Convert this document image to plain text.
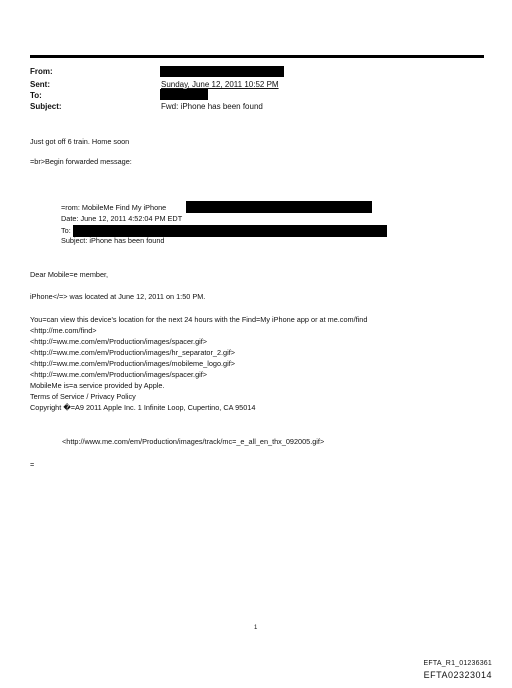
From:
Sent:	Sunday, June 12, 2011 10:52 PM
To:
Subject:	Fwd: iPhone has been found
Just got off 6 train. Home soon
=br>Begin forwarded message:
=rom: MobileMe Find My iPhone
Date: June 12, 2011 4:52:04 PM EDT
To:
Subject: iPhone has been found
Dear Mobile=e member,
iPhone</=> was located at June 12, 2011 on 1:50 PM.
You=can view this device's location for the next 24 hours with the Find=My iPhone app or at me.com/find
<http://me.com/find>
<http://=ww.me.com/em/Production/images/spacer.gif>
<http://=ww.me.com/em/Production/images/hr_separator_2.gif>
<http://=ww.me.com/em/Production/images/mobileme_logo.gif>
<http://=ww.me.com/em/Production/images/spacer.gif>
MobileMe is=a service provided by Apple.
Terms of Service / Privacy Policy
Copyright �=A9 2011 Apple Inc. 1 Infinite Loop, Cupertino, CA 95014
<http://www.me.com/em/Production/images/track/mc=_e_all_en_thx_092005.gif>
=
1
EFTA_R1_01236361
EFTA02323014
